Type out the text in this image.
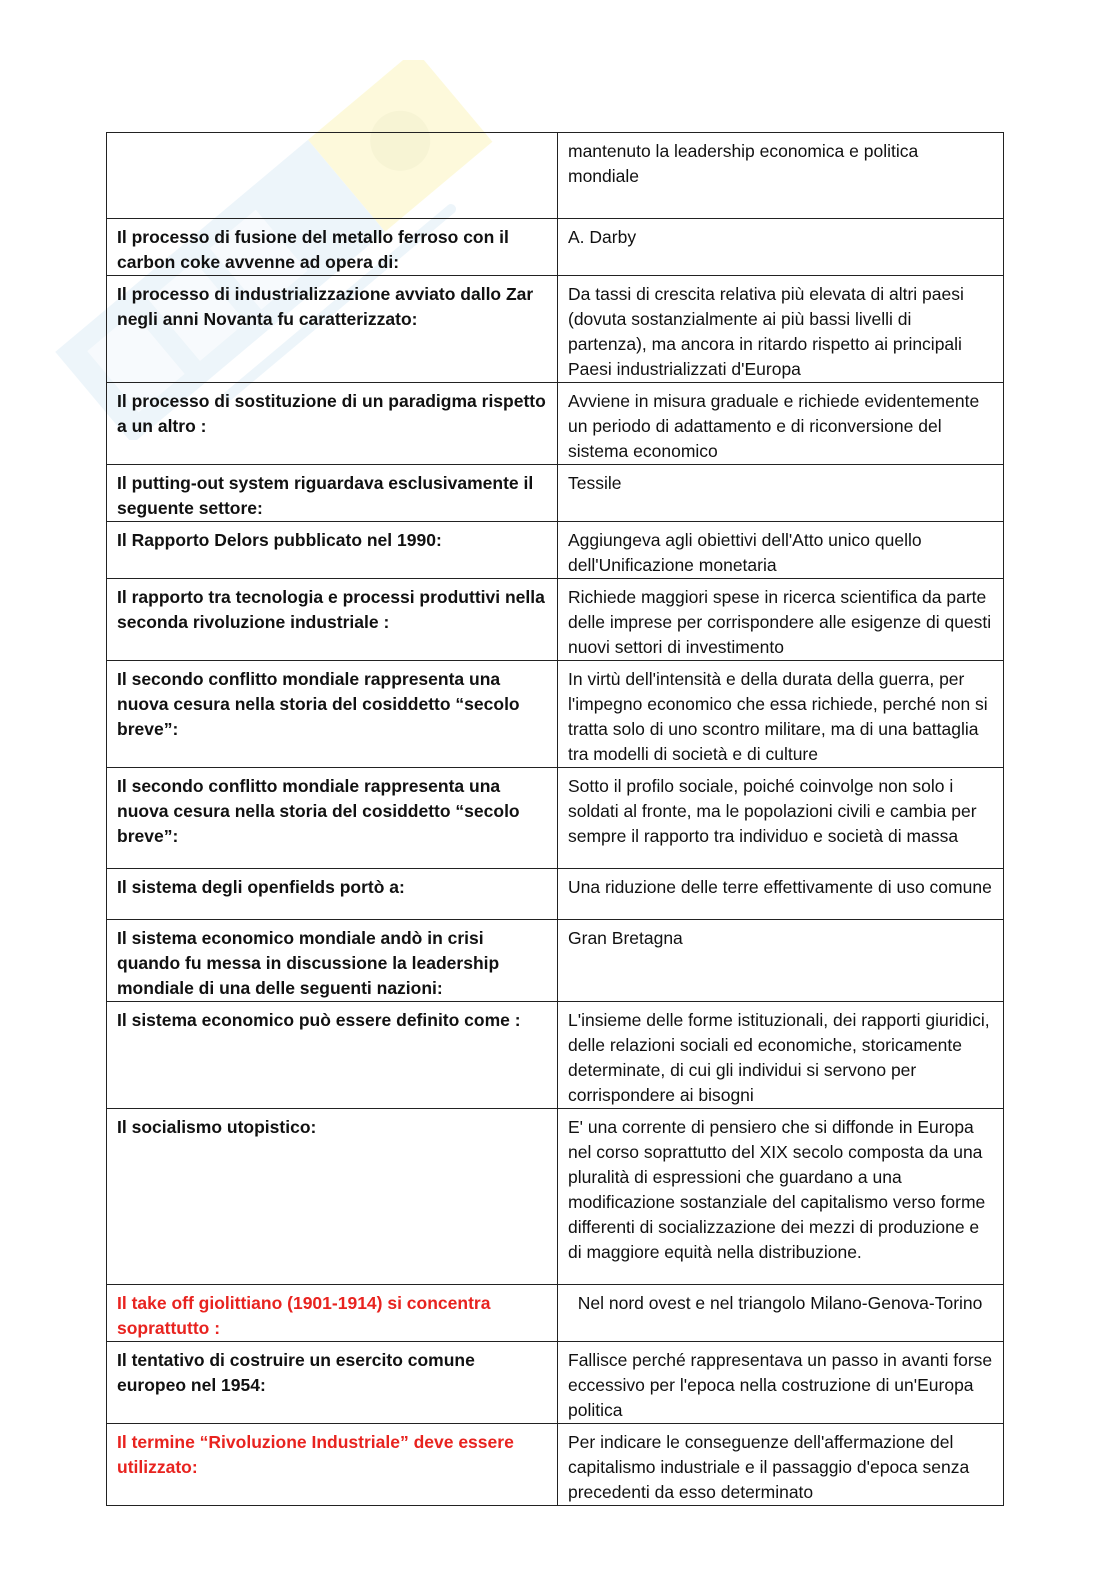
	mantenuto la leadership economica e politica mondiale
Il processo di fusione del metallo ferroso con il carbon coke avvenne ad opera di:	A. Darby
Il processo di industrializzazione avviato dallo Zar negli anni Novanta fu caratterizzato:	Da tassi di crescita relativa più elevata di altri paesi (dovuta sostanzialmente ai più bassi livelli di partenza), ma ancora in ritardo rispetto ai principali Paesi industrializzati d'Europa
Il processo di sostituzione di un paradigma rispetto a un altro :	Avviene in misura graduale e richiede evidentemente un periodo di adattamento e di riconversione del sistema economico
Il putting-out system riguardava esclusivamente il seguente settore:	Tessile
Il Rapporto Delors pubblicato nel 1990:	Aggiungeva agli obiettivi dell'Atto unico quello dell'Unificazione monetaria
Il rapporto tra tecnologia e processi produttivi nella seconda rivoluzione industriale :	Richiede maggiori spese in ricerca scientifica da parte delle imprese per corrispondere alle esigenze di questi nuovi settori di investimento
Il secondo conflitto mondiale rappresenta una nuova cesura nella storia del cosiddetto “secolo breve”:	In virtù dell'intensità e della durata della guerra, per l'impegno economico che essa richiede, perché non si tratta solo di uno scontro militare, ma di una battaglia tra modelli di società e di culture
Il secondo conflitto mondiale rappresenta una nuova cesura nella storia del cosiddetto “secolo breve”:	Sotto il profilo sociale, poiché coinvolge non solo i soldati al fronte, ma le popolazioni civili e cambia per sempre il rapporto tra individuo e società di massa
Il sistema degli openfields portò a:	Una riduzione delle terre effettivamente di uso comune
Il sistema economico mondiale andò in crisi quando fu messa in discussione la leadership mondiale di una delle seguenti nazioni:	Gran Bretagna
Il sistema economico può essere definito come :	L'insieme delle forme istituzionali, dei rapporti giuridici, delle relazioni sociali ed economiche, storicamente determinate, di cui gli individui si servono per corrispondere ai bisogni
Il socialismo utopistico:	E' una corrente di pensiero che si diffonde in Europa nel corso soprattutto del XIX secolo composta da una pluralità di espressioni che guardano a una modificazione sostanziale del capitalismo verso forme differenti di socializzazione dei mezzi di produzione e di maggiore equità nella distribuzione.
Il take off giolittiano (1901-1914) si concentra soprattutto :	Nel nord ovest e nel triangolo Milano-Genova-Torino
Il tentativo di costruire un esercito comune europeo nel 1954:	Fallisce perché rappresentava un passo in avanti forse eccessivo per l'epoca nella costruzione di un'Europa politica
Il termine “Rivoluzione Industriale” deve essere utilizzato:	Per indicare le conseguenze dell'affermazione del capitalismo industriale e il passaggio d'epoca senza precedenti da esso determinato
